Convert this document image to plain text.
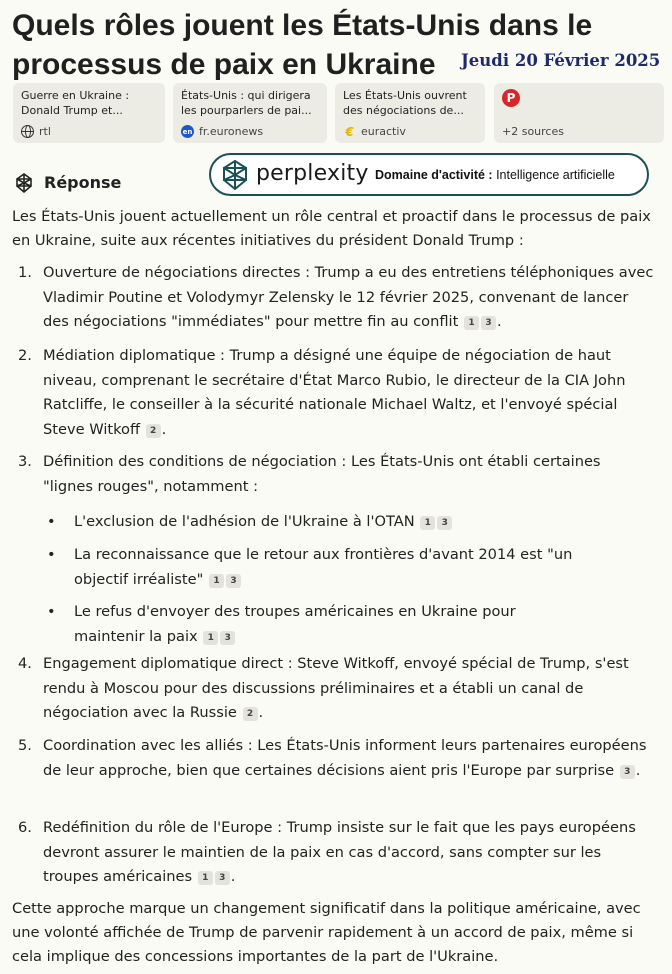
Quels rôles jouent les États-Unis dans le processus de paix en Ukraine	Jeudi 20 Février 2025
Guerre en Ukraine : Donald Trump et...
rtl
États-Unis : qui dirigera les pourparlers de pai...
en fr.euronews
Les États-Unis ouvrent des négociations de...
€ euractiv
P
+2 sources
Réponse	perplexity Domaine d'activité : Intelligence artificielle
Les États-Unis jouent actuellement un rôle central et proactif dans le processus de paix en Ukraine, suite aux récentes initiatives du président Donald Trump :
1. Ouverture de négociations directes : Trump a eu des entretiens téléphoniques avec Vladimir Poutine et Volodymyr Zelensky le 12 février 2025, convenant de lancer des négociations "immédiates" pour mettre fin au conflit 1 3 .
2. Médiation diplomatique : Trump a désigné une équipe de négociation de haut niveau, comprenant le secrétaire d'État Marco Rubio, le directeur de la CIA John Ratcliffe, le conseiller à la sécurité nationale Michael Waltz, et l'envoyé spécial Steve Witkoff 2 .
3. Définition des conditions de négociation : Les États-Unis ont établi certaines "lignes rouges", notamment :
• L'exclusion de l'adhésion de l'Ukraine à l'OTAN 1 3
• La reconnaissance que le retour aux frontières d'avant 2014 est "un objectif irréaliste" 1 3
• Le refus d'envoyer des troupes américaines en Ukraine pour maintenir la paix 1 3
4. Engagement diplomatique direct : Steve Witkoff, envoyé spécial de Trump, s'est rendu à Moscou pour des discussions préliminaires et a établi un canal de négociation avec la Russie 2 .
5. Coordination avec les alliés : Les États-Unis informent leurs partenaires européens de leur approche, bien que certaines décisions aient pris l'Europe par surprise 3 .
6. Redéfinition du rôle de l'Europe : Trump insiste sur le fait que les pays européens devront assurer le maintien de la paix en cas d'accord, sans compter sur les troupes américaines 1 3 .
Cette approche marque un changement significatif dans la politique américaine, avec une volonté affichée de Trump de parvenir rapidement à un accord de paix, même si cela implique des concessions importantes de la part de l'Ukraine.
